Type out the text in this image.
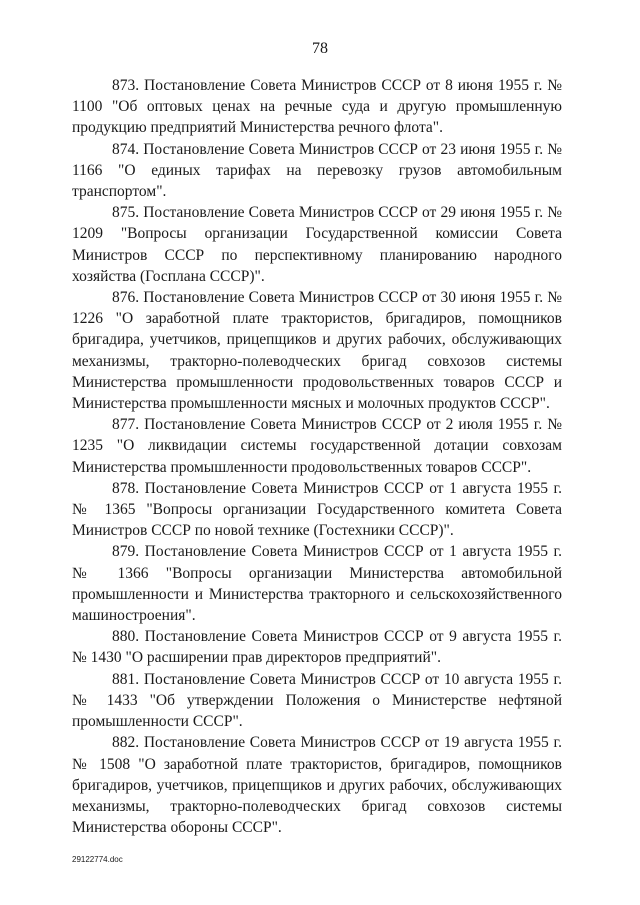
78

873. Постановление Совета Министров СССР от 8 июня 1955 г. № 1100 "Об оптовых ценах на речные суда и другую промышленную продукцию предприятий Министерства речного флота".

874. Постановление Совета Министров СССР от 23 июня 1955 г. № 1166 "О единых тарифах на перевозку грузов автомобильным транспортом".

875. Постановление Совета Министров СССР от 29 июня 1955 г. № 1209 "Вопросы организации Государственной комиссии Совета Министров СССР по перспективному планированию народного хозяйства (Госплана СССР)".

876. Постановление Совета Министров СССР от 30 июня 1955 г. № 1226 "О заработной плате трактористов, бригадиров, помощников бригадира, учетчиков, прицепщиков и других рабочих, обслуживающих механизмы, тракторно-полеводческих бригад совхозов системы Министерства промышленности продовольственных товаров СССР и Министерства промышленности мясных и молочных продуктов СССР".

877. Постановление Совета Министров СССР от 2 июля 1955 г. № 1235 "О ликвидации системы государственной дотации совхозам Министерства промышленности продовольственных товаров СССР".

878. Постановление Совета Министров СССР от 1 августа 1955 г. № 1365 "Вопросы организации Государственного комитета Совета Министров СССР по новой технике (Гостехники СССР)".

879. Постановление Совета Министров СССР от 1 августа 1955 г. № 1366 "Вопросы организации Министерства автомобильной промышленности и Министерства тракторного и сельскохозяйственного машиностроения".

880. Постановление Совета Министров СССР от 9 августа 1955 г. № 1430 "О расширении прав директоров предприятий".

881. Постановление Совета Министров СССР от 10 августа 1955 г. № 1433 "Об утверждении Положения о Министерстве нефтяной промышленности СССР".

882. Постановление Совета Министров СССР от 19 августа 1955 г. № 1508 "О заработной плате трактористов, бригадиров, помощников бригадиров, учетчиков, прицепщиков и других рабочих, обслуживающих механизмы, тракторно-полеводческих бригад совхозов системы Министерства обороны СССР".

29122774.doc
